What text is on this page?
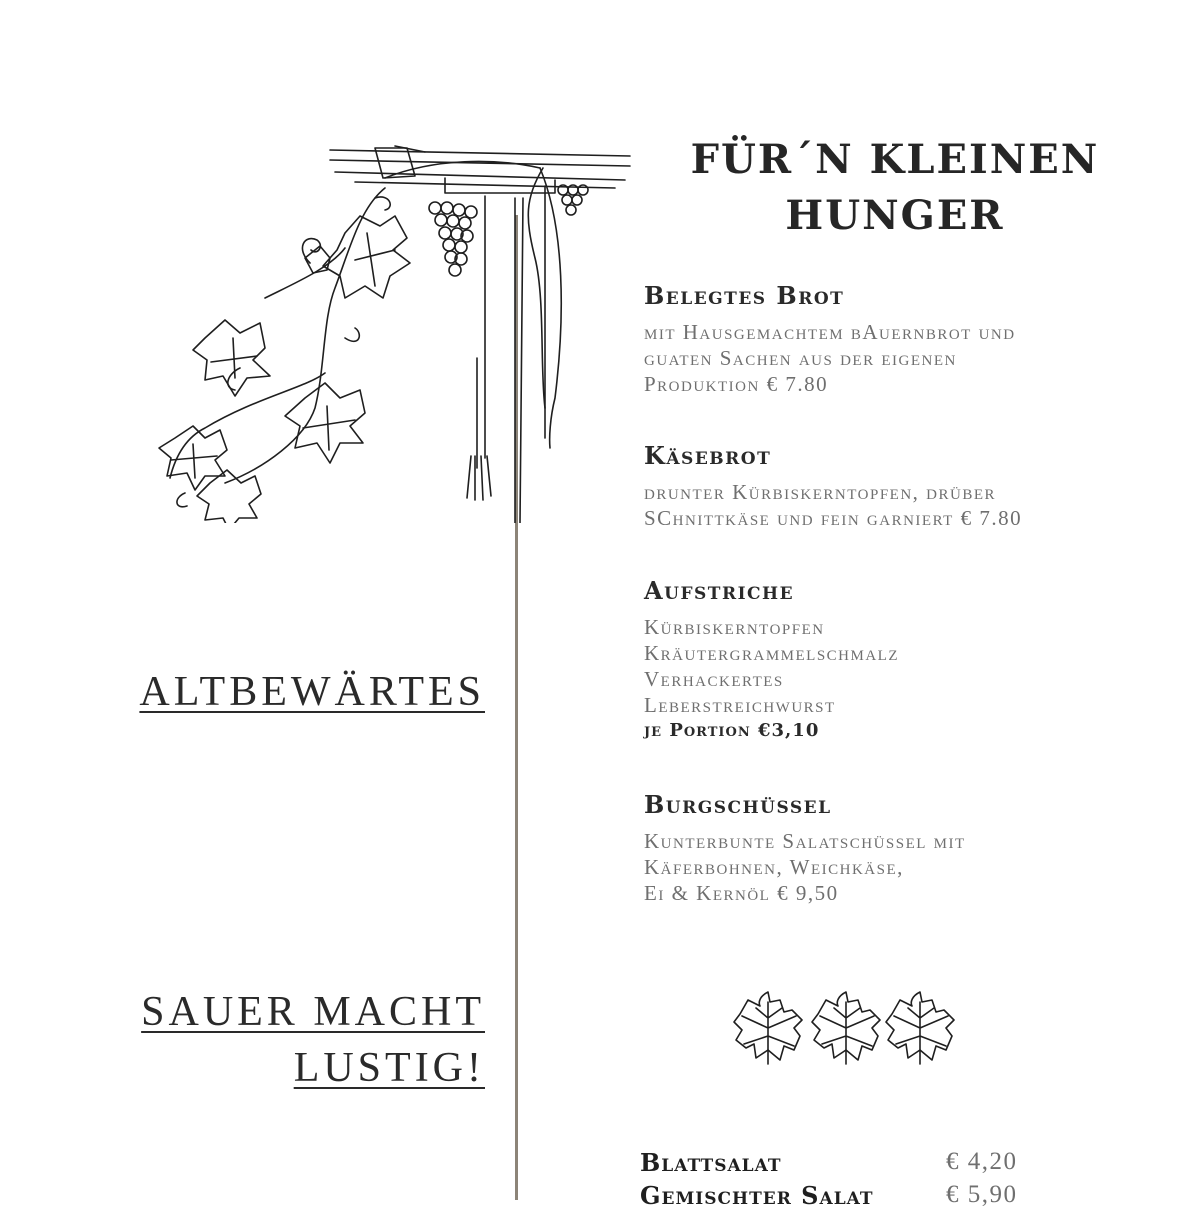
ALTBEWÄRTES
SAUER MACHT
LUSTIG!
FÜR´N KLEINEN
HUNGER
Belegtes Brot
mit Hausgemachtem bAuernbrot und
guaten Sachen aus der eigenen
Produktion € 7.80
Käsebrot
drunter Kürbiskerntopfen, drüber
SChnittkäse und fein garniert € 7.80
Aufstriche
Kürbiskerntopfen
Kräutergrammelschmalz
Verhackertes
Leberstreichwurst
je Portion €3,10
Burgschüssel
Kunterbunte Salatschüssel mit
Käferbohnen, Weichkäse,
Ei & Kernöl € 9,50
Blattsalat	€ 4,20
Gemischter Salat	€ 5,90
